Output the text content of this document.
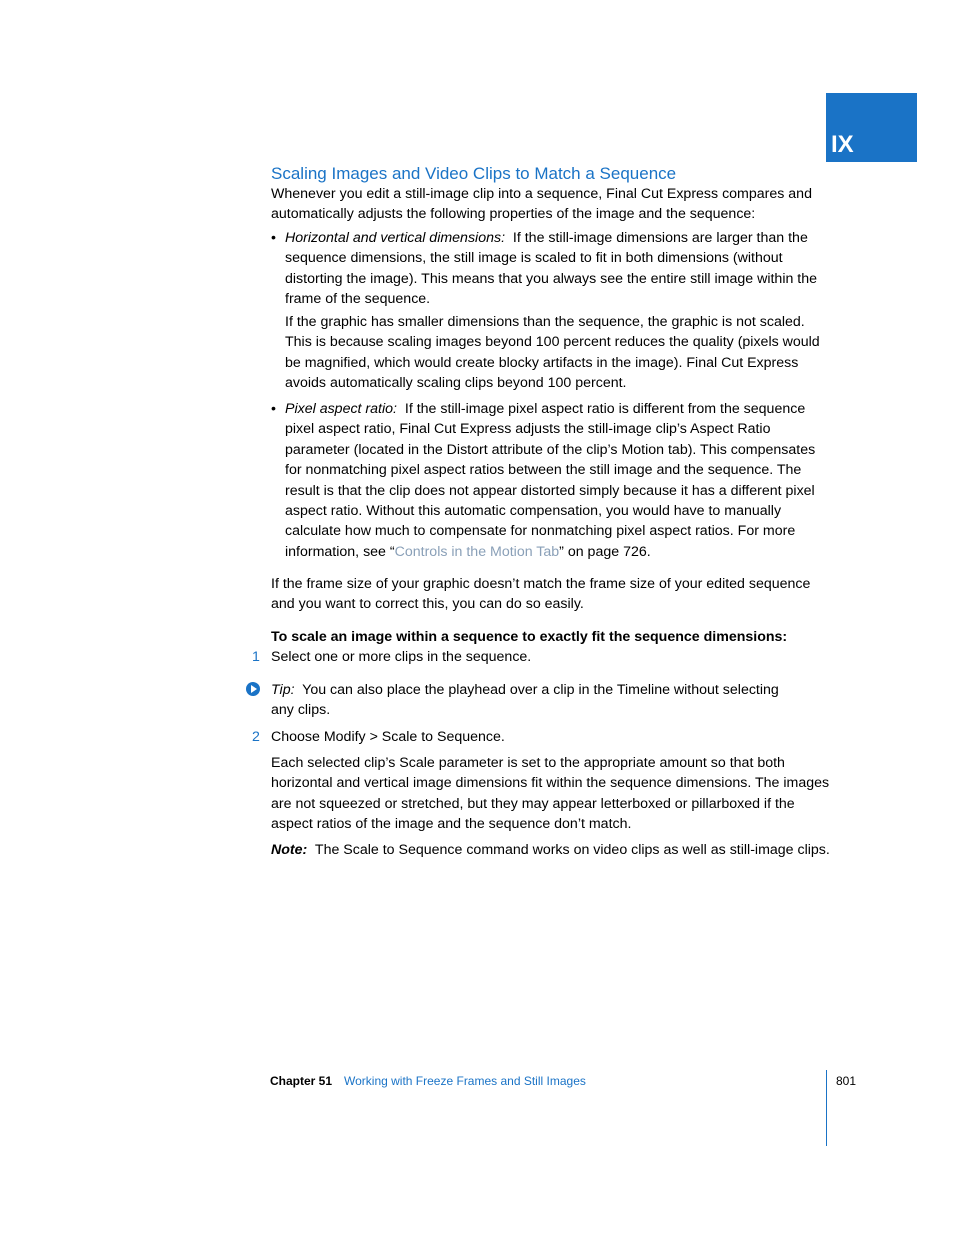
IX
Scaling Images and Video Clips to Match a Sequence

Whenever you edit a still-image clip into a sequence, Final Cut Express compares and automatically adjusts the following properties of the image and the sequence:

• Horizontal and vertical dimensions: If the still-image dimensions are larger than the sequence dimensions, the still image is scaled to fit in both dimensions (without distorting the image). This means that you always see the entire still image within the frame of the sequence.

If the graphic has smaller dimensions than the sequence, the graphic is not scaled. This is because scaling images beyond 100 percent reduces the quality (pixels would be magnified, which would create blocky artifacts in the image). Final Cut Express avoids automatically scaling clips beyond 100 percent.

• Pixel aspect ratio: If the still-image pixel aspect ratio is different from the sequence pixel aspect ratio, Final Cut Express adjusts the still-image clip’s Aspect Ratio parameter (located in the Distort attribute of the clip’s Motion tab). This compensates for nonmatching pixel aspect ratios between the still image and the sequence. The result is that the clip does not appear distorted simply because it has a different pixel aspect ratio. Without this automatic compensation, you would have to manually calculate how much to compensate for nonmatching pixel aspect ratios. For more information, see “Controls in the Motion Tab” on page 726.

If the frame size of your graphic doesn’t match the frame size of your edited sequence and you want to correct this, you can do so easily.

To scale an image within a sequence to exactly fit the sequence dimensions:

1 Select one or more clips in the sequence.

Tip: You can also place the playhead over a clip in the Timeline without selecting any clips.

2 Choose Modify > Scale to Sequence.

Each selected clip’s Scale parameter is set to the appropriate amount so that both horizontal and vertical image dimensions fit within the sequence dimensions. The images are not squeezed or stretched, but they may appear letterboxed or pillarboxed if the aspect ratios of the image and the sequence don’t match.

Note: The Scale to Sequence command works on video clips as well as still-image clips.

Chapter 51 Working with Freeze Frames and Still Images	801
